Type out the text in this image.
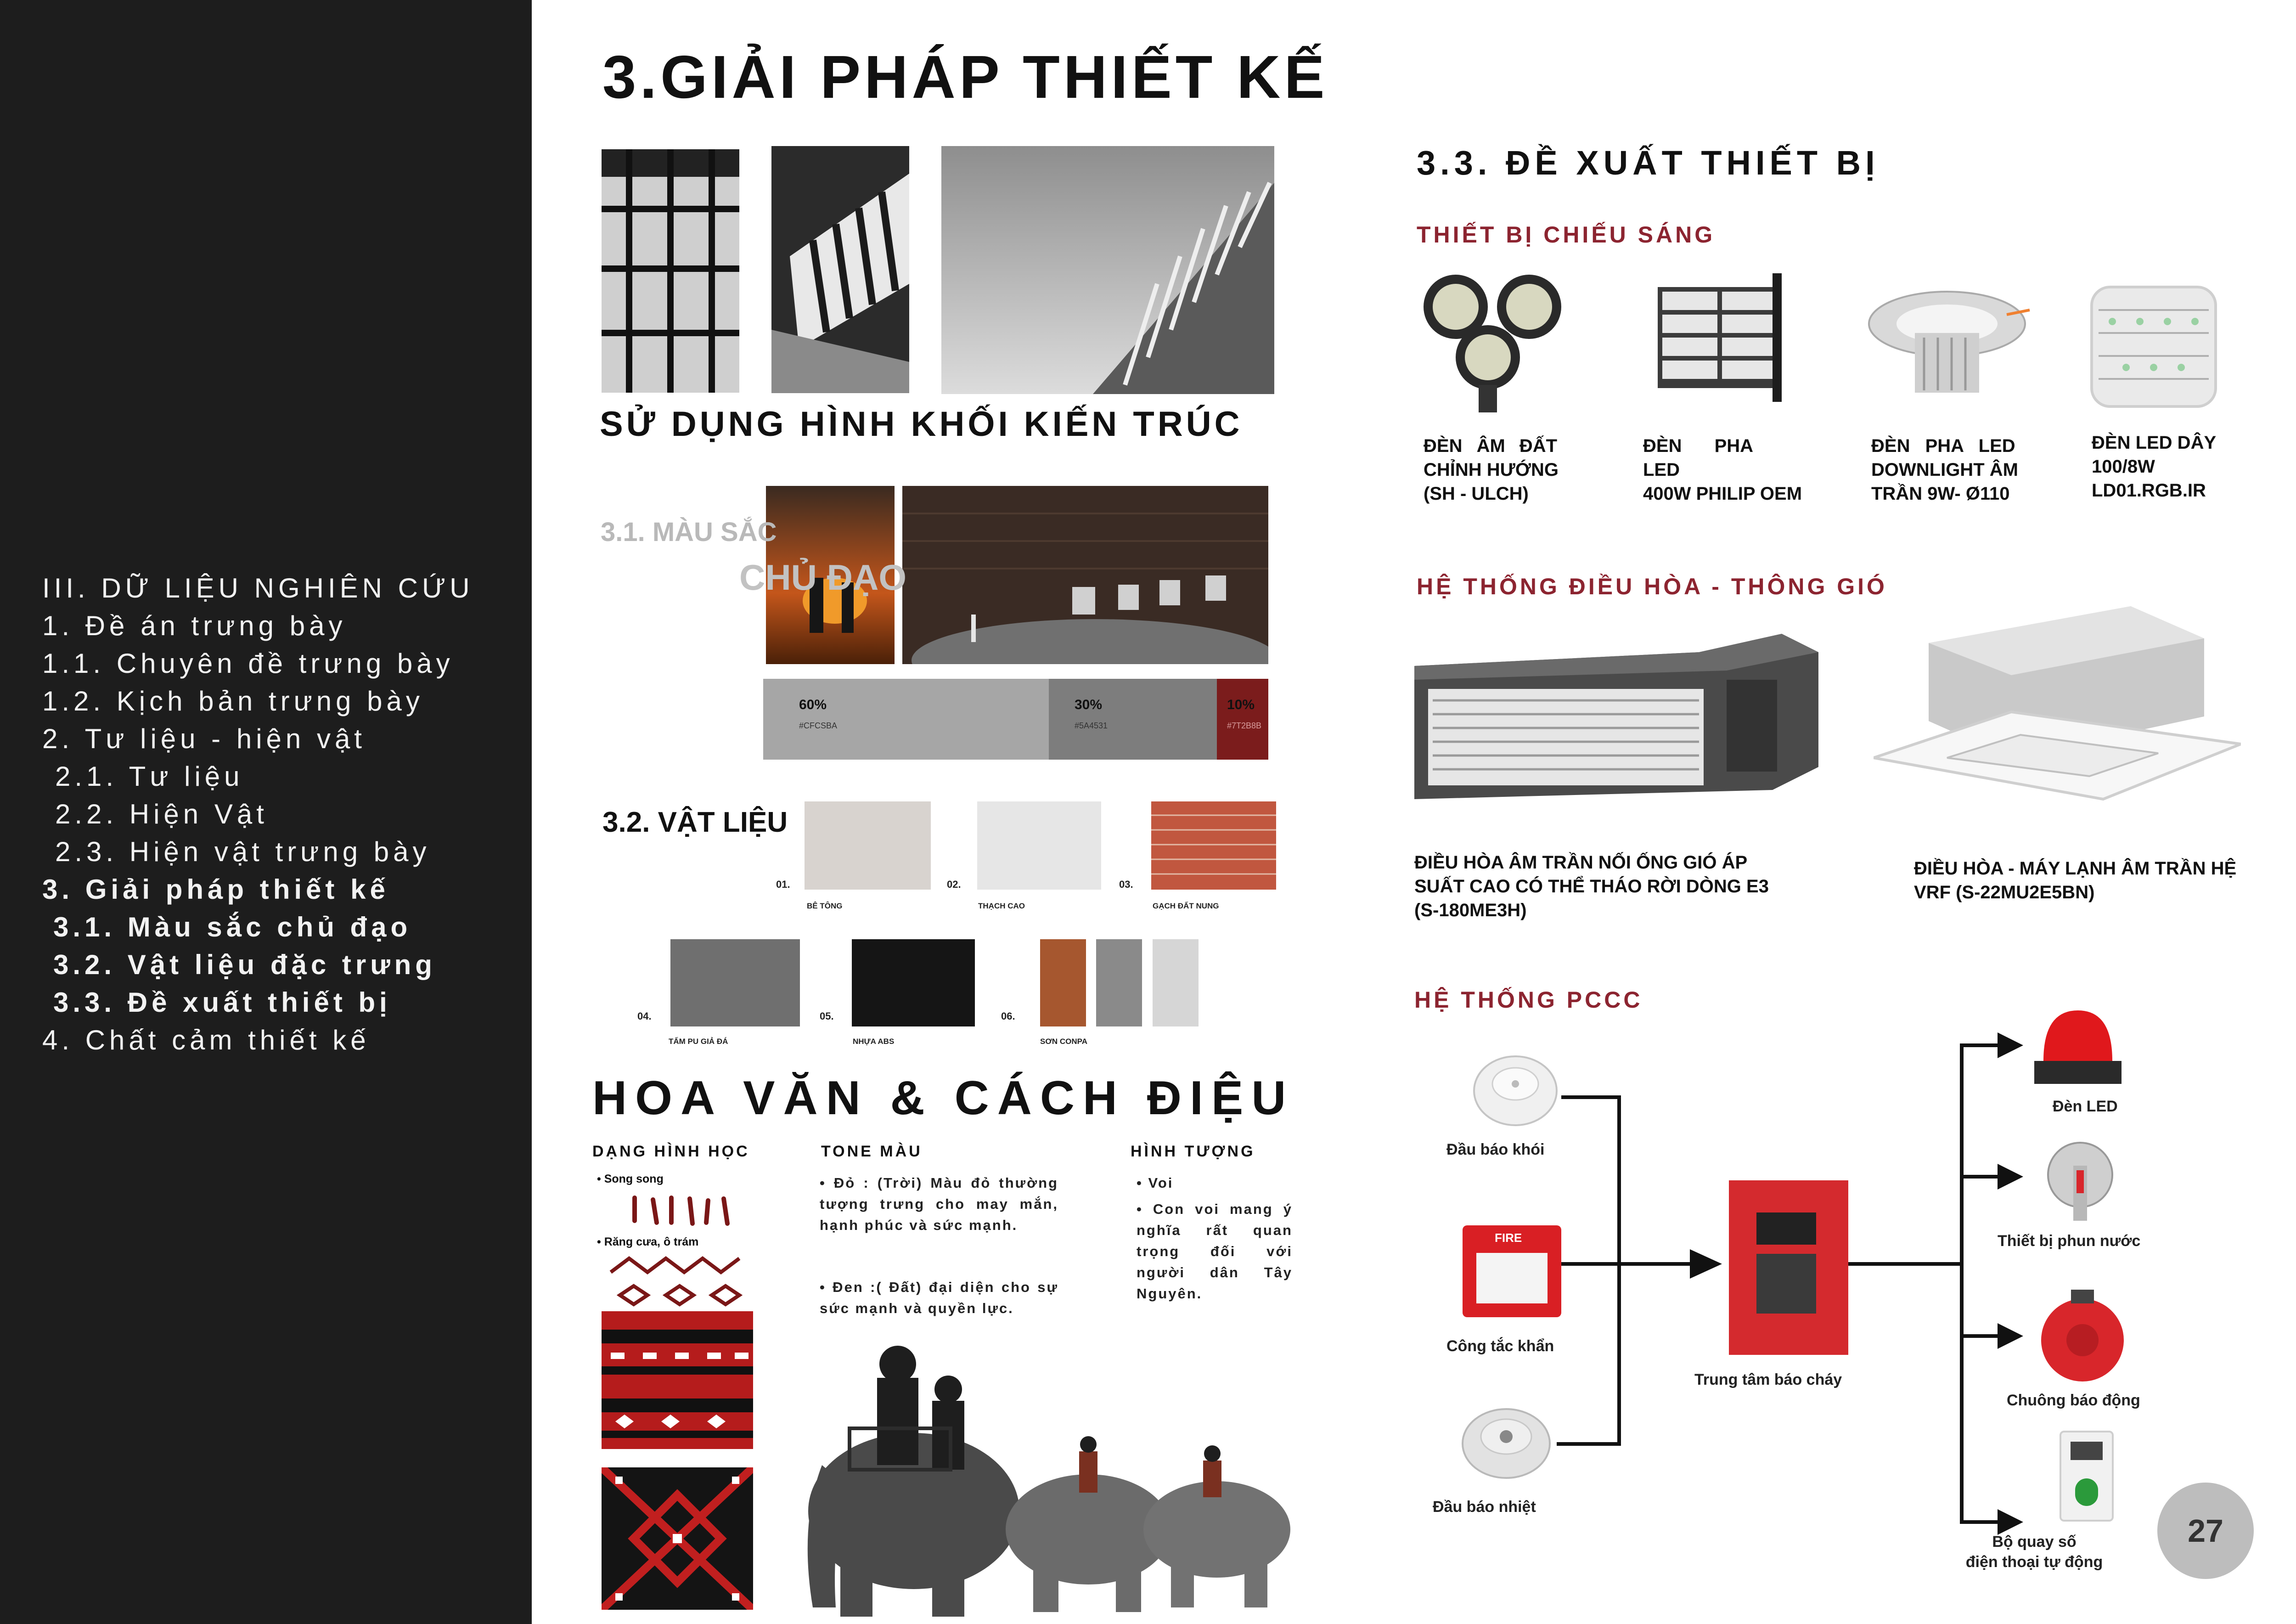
III. DỮ LIỆU NGHIÊN CỨU
1. Đề án trưng bày
1.1. Chuyên đề trưng bày
1.2. Kịch bản trưng bày
2. Tư liệu - hiện vật
2.1. Tư liệu
2.2. Hiện Vật
2.3. Hiện vật trưng bày
3. Giải pháp thiết kế
3.1. Màu sắc chủ đạo
3.2. Vật liệu đặc trưng
3.3. Đề xuất thiết bị
4. Chất cảm thiết kế
3.GIẢI PHÁP THIẾT KẾ
SỬ DỤNG HÌNH KHỐI KIẾN TRÚC
3.1. MÀU SẮC
CHỦ ĐẠO
60%
#CFCSBA
30%
#5A4531
10%
#7T2B8B
3.2. VẬT LIỆU
01.
BÊ TÔNG
02.
THẠCH CAO
03.
GẠCH ĐẤT NUNG
04.
TẤM PU GIẢ ĐÁ
05.
NHỰA ABS
06.
SƠN CONPA
HOA VĂN & CÁCH ĐIỆU
DẠNG HÌNH HỌC
• Song song
• Răng cưa, ô trám
TONE MÀU
• Đỏ : (Trời) Màu đỏ thường tượng trưng cho may mắn, hạnh phúc và sức mạnh.
• Đen :( Đất) đại diện cho sự sức mạnh và quyền lực.
HÌNH TƯỢNG
• Voi
• Con voi mang ý nghĩa rất quan trọng đối với người dân Tây Nguyên.
3.3. ĐỀ XUẤT THIẾT BỊ
THIẾT BỊ CHIẾU SÁNG
ĐÈN ÂM ĐẤT
CHỈNH HƯỚNG
(SH - ULCH)
ĐÈN PHA LED
400W PHILIP OEM
ĐÈN PHA LED
DOWNLIGHT ÂM
TRẦN 9W- Ø110
ĐÈN LED DÂY
100/8W
LD01.RGB.IR
HỆ THỐNG ĐIỀU HÒA - THÔNG GIÓ
ĐIỀU HÒA ÂM TRẦN NỐI ỐNG GIÓ ÁP
SUẤT CAO CÓ THỂ THÁO RỜI DÒNG E3
(S-180ME3H)
ĐIỀU HÒA - MÁY LẠNH ÂM TRẦN HỆ
VRF (S-22MU2E5BN)
HỆ THỐNG PCCC
Đầu báo khói
FIRE
Công tắc khẩn
Đầu báo nhiệt
Trung tâm báo cháy
Đèn LED
Thiết bị phun nước
Chuông báo động
Bộ quay số
điện thoại tự động
27
